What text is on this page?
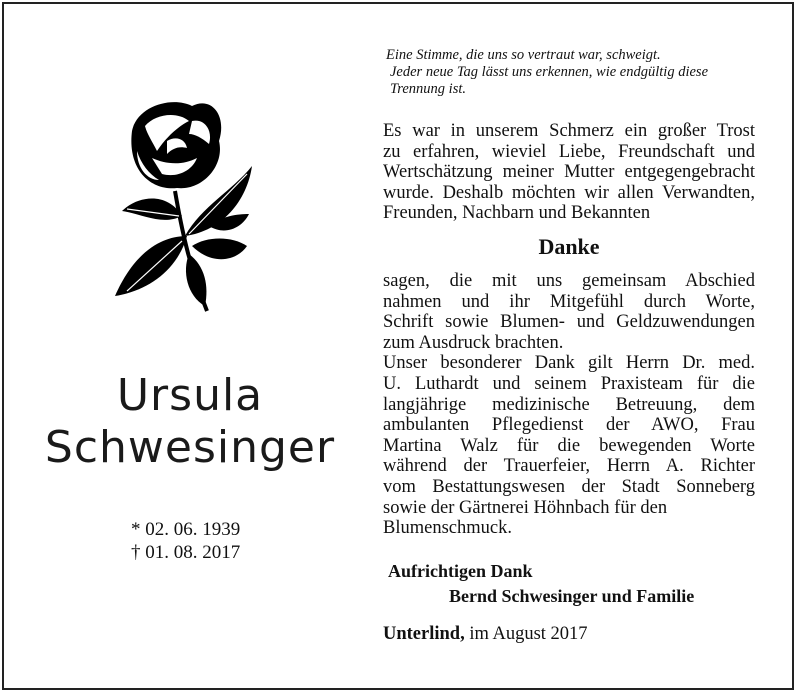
Ursula
Schwesinger
* 02. 06. 1939
† 01. 08. 2017
Eine Stimme, die uns so vertraut war, schweigt.
Jeder neue Tag lässt uns erkennen, wie endgültig diese Trennung ist.
Es war in unserem Schmerz ein großer Trost
zu erfahren, wieviel Liebe, Freundschaft und
Wertschätzung meiner Mutter entgegengebracht
wurde. Deshalb möchten wir allen Verwandten,
Freunden, Nachbarn und Bekannten
Danke
sagen, die mit uns gemeinsam Abschied
nahmen und ihr Mitgefühl durch Worte,
Schrift sowie Blumen- und Geldzuwendungen
zum Ausdruck brachten.
Unser besonderer Dank gilt Herrn Dr. med.
U. Luthardt und seinem Praxisteam für die
langjährige medizinische Betreuung, dem
ambulanten Pflegedienst der AWO, Frau
Martina Walz für die bewegenden Worte
während der Trauerfeier, Herrn A. Richter
vom Bestattungswesen der Stadt Sonneberg
sowie der Gärtnerei Höhnbach für den
Blumenschmuck.
Aufrichtigen Dank
Bernd Schwesinger und Familie
Unterlind, im August 2017
